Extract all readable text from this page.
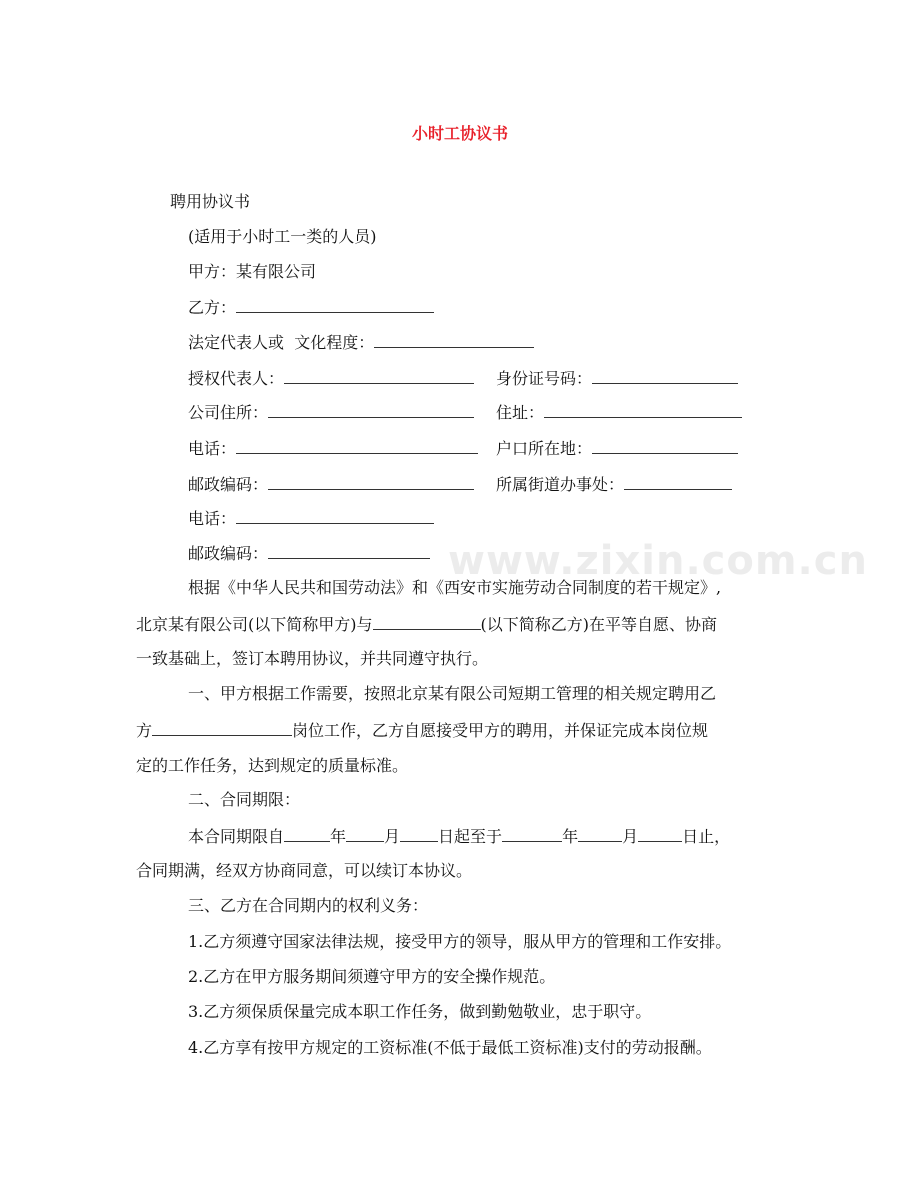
小时工协议书
www.zixin.com.cn
聘用协议书
(适用于小时工一类的人员)
甲方：某有限公司
乙方：
法定代表人或 文化程度：
授权代表人：	身份证号码：
公司住所：	住址：
电话：	户口所在地：
邮政编码：	所属街道办事处：
电话：
邮政编码：
根据《中华人民共和国劳动法》和《西安市实施劳动合同制度的若干规定》,
北京某有限公司(以下简称甲方)与	(以下简称乙方)在平等自愿、协商
一致基础上，签订本聘用协议，并共同遵守执行。
一、甲方根据工作需要，按照北京某有限公司短期工管理的相关规定聘用乙
方	岗位工作，乙方自愿接受甲方的聘用，并保证完成本岗位规
定的工作任务，达到规定的质量标准。
二、合同期限：
本合同期限自	年 月 日起至于	年	月	日止，
合同期满，经双方协商同意，可以续订本协议。
三、乙方在合同期内的权利义务：
1.乙方须遵守国家法律法规，接受甲方的领导，服从甲方的管理和工作安排。
2.乙方在甲方服务期间须遵守甲方的安全操作规范。
3.乙方须保质保量完成本职工作任务，做到勤勉敬业，忠于职守。
4.乙方享有按甲方规定的工资标准(不低于最低工资标准)支付的劳动报酬。
